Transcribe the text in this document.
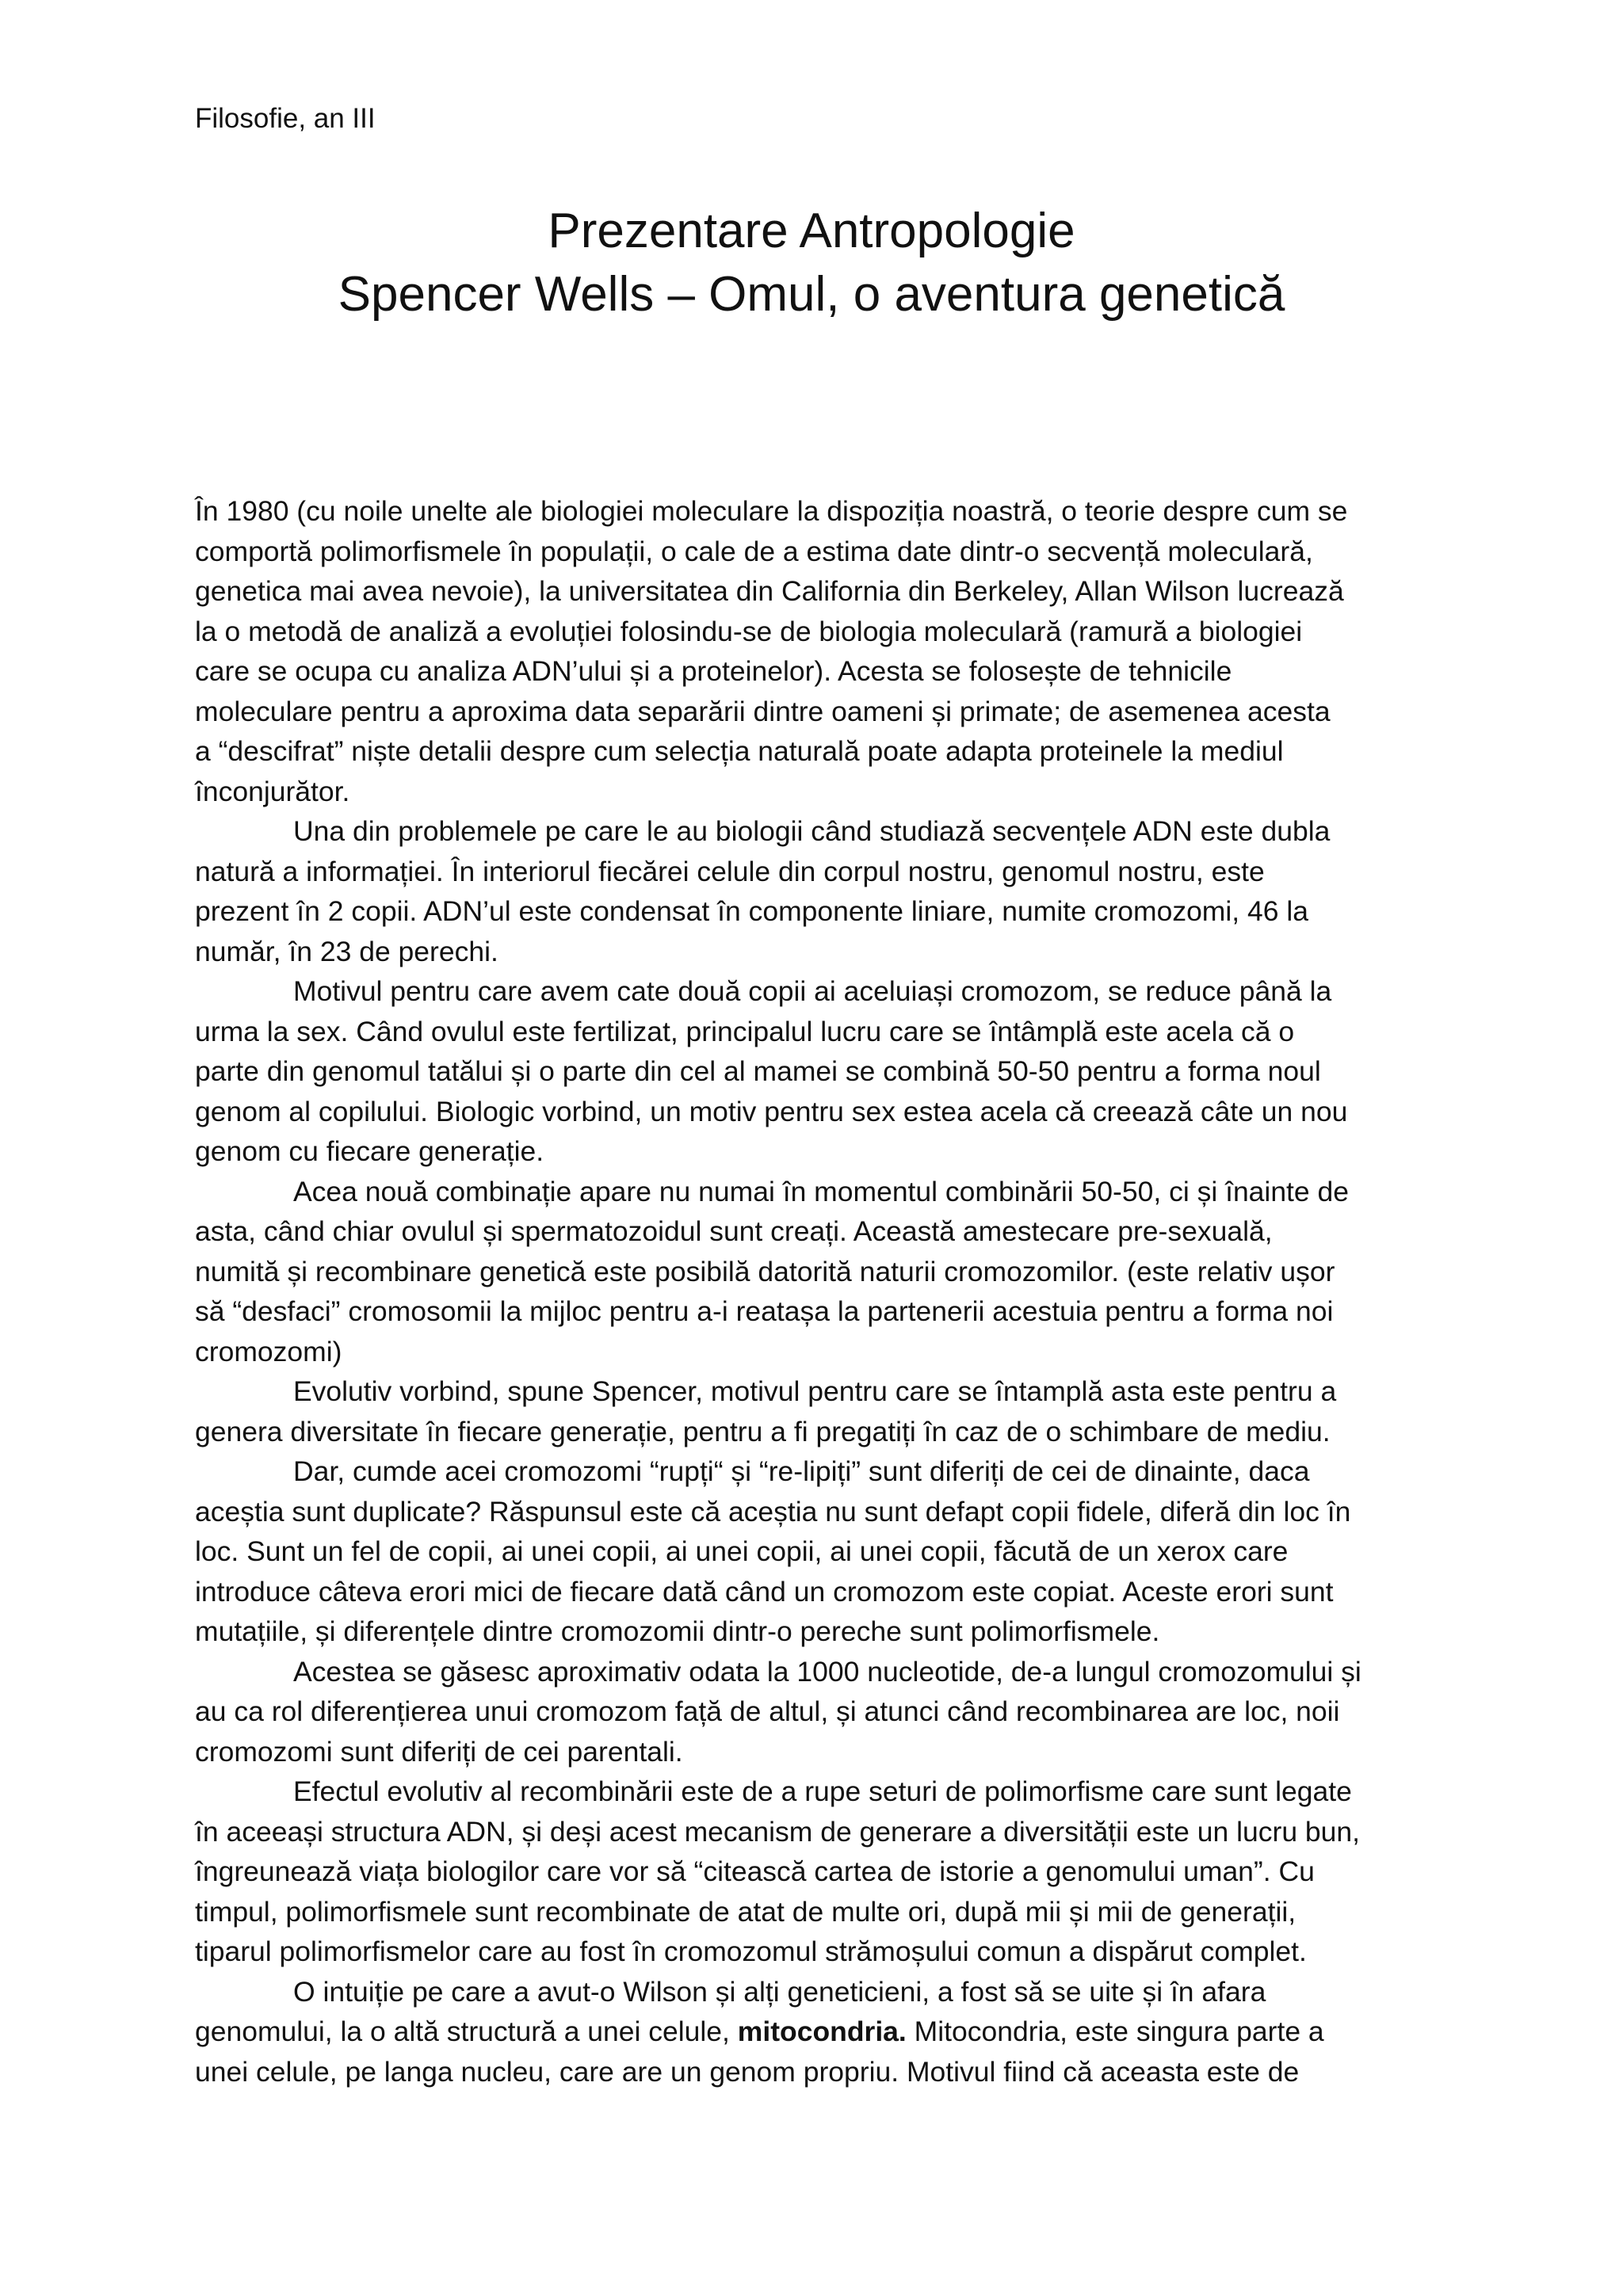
Filosofie, an III
Prezentare Antropologie
Spencer Wells – Omul, o aventura genetică

În 1980 (cu noile unelte ale biologiei moleculare la dispoziția noastră, o teorie despre cum se
comportă polimorfismele în populații, o cale de a estima date dintr-o secvență moleculară,
genetica mai avea nevoie), la universitatea din California din Berkeley, Allan Wilson lucrează
la o metodă de analiză a evoluției folosindu-se de biologia moleculară (ramură a biologiei
care se ocupa cu analiza ADN’ului și a proteinelor). Acesta se folosește de tehnicile
moleculare pentru a aproxima data separării dintre oameni și primate; de asemenea acesta
a “descifrat” niște detalii despre cum selecția naturală poate adapta proteinele la mediul
înconjurător.

Una din problemele pe care le au biologii când studiază secvențele ADN este dubla
natură a informației. În interiorul fiecărei celule din corpul nostru, genomul nostru, este
prezent în 2 copii. ADN’ul este condensat în componente liniare, numite cromozomi, 46 la
număr, în 23 de perechi.

Motivul pentru care avem cate două copii ai aceluiași cromozom, se reduce până la
urma la sex. Când ovulul este fertilizat, principalul lucru care se întâmplă este acela că o
parte din genomul tatălui și o parte din cel al mamei se combină 50-50 pentru a forma noul
genom al copilului. Biologic vorbind, un motiv pentru sex estea acela că creează câte un nou
genom cu fiecare generație.

Acea nouă combinație apare nu numai în momentul combinării 50-50, ci și înainte de
asta, când chiar ovulul și spermatozoidul sunt creați. Această amestecare pre-sexuală,
numită și recombinare genetică este posibilă datorită naturii cromozomilor. (este relativ ușor
să “desfaci” cromosomii la mijloc pentru a-i reatașa la partenerii acestuia pentru a forma noi
cromozomi)

Evolutiv vorbind, spune Spencer, motivul pentru care se întamplă asta este pentru a
genera diversitate în fiecare generație, pentru a fi pregatiți în caz de o schimbare de mediu.

Dar, cumde acei cromozomi “rupți“ și “re-lipiți” sunt diferiți de cei de dinainte, daca
aceștia sunt duplicate? Răspunsul este că aceștia nu sunt defapt copii fidele, diferă din loc în
loc. Sunt un fel de copii, ai unei copii, ai unei copii, ai unei copii, făcută de un xerox care
introduce câteva erori mici de fiecare dată când un cromozom este copiat. Aceste erori sunt
mutațiile, și diferențele dintre cromozomii dintr-o pereche sunt polimorfismele.

Acestea se găsesc aproximativ odata la 1000 nucleotide, de-a lungul cromozomului și
au ca rol diferențierea unui cromozom față de altul, și atunci când recombinarea are loc, noii
cromozomi sunt diferiți de cei parentali.

Efectul evolutiv al recombinării este de a rupe seturi de polimorfisme care sunt legate
în aceeași structura ADN, și deși acest mecanism de generare a diversității este un lucru bun,
îngreunează viața biologilor care vor să “citească cartea de istorie a genomului uman”. Cu
timpul, polimorfismele sunt recombinate de atat de multe ori, după mii și mii de generații,
tiparul polimorfismelor care au fost în cromozomul strămoșului comun a dispărut complet.

O intuiție pe care a avut-o Wilson și alți geneticieni, a fost să se uite și în afara
genomului, la o altă structură a unei celule, mitocondria. Mitocondria, este singura parte a
unei celule, pe langa nucleu, care are un genom propriu. Motivul fiind că aceasta este de
